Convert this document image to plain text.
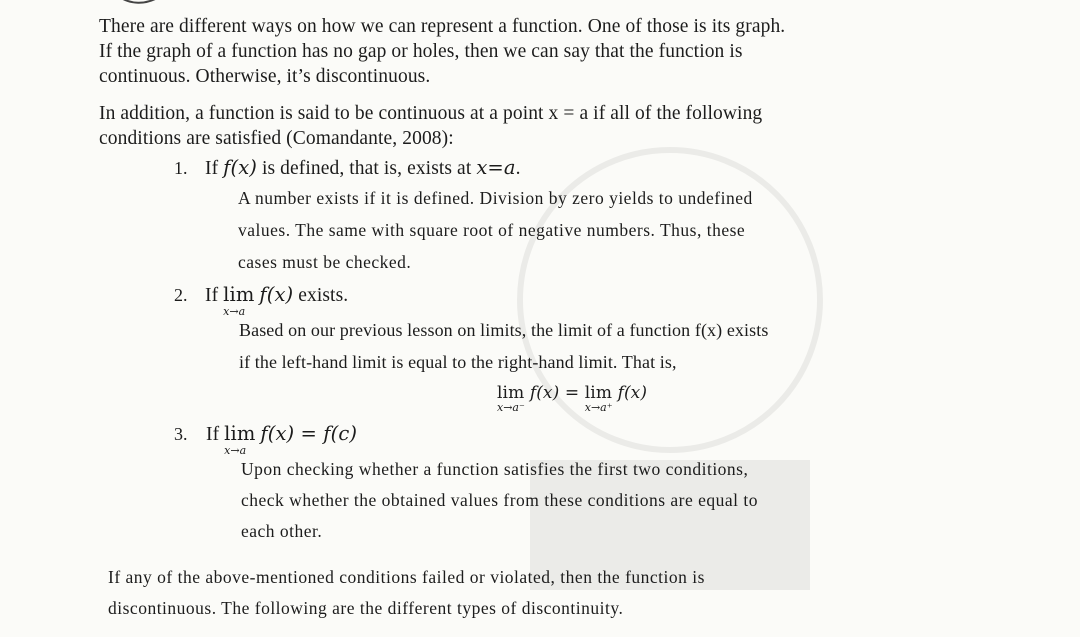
There are different ways on how we can represent a function. One of those is its graph.
If the graph of a function has no gap or holes, then we can say that the function is
continuous. Otherwise, it’s discontinuous.
In addition, a function is said to be continuous at a point x = a if all of the following
conditions are satisfied (Comandante, 2008):
1. If f(x) is defined, that is, exists at x=a.
A number exists if it is defined. Division by zero yields to undefined
values. The same with square root of negative numbers. Thus, these
cases must be checked.
2. If lim
x→a
f(x) exists.
Based on our previous lesson on limits, the limit of a function f(x) exists
if the left-hand limit is equal to the right-hand limit. That is,
lim
x→a⁻
f(x) = lim
x→a⁺
f(x)
3. If lim
x→a
f(x) = f(c)
Upon checking whether a function satisfies the first two conditions,
check whether the obtained values from these conditions are equal to
each other.
If any of the above-mentioned conditions failed or violated, then the function is
discontinuous. The following are the different types of discontinuity.
